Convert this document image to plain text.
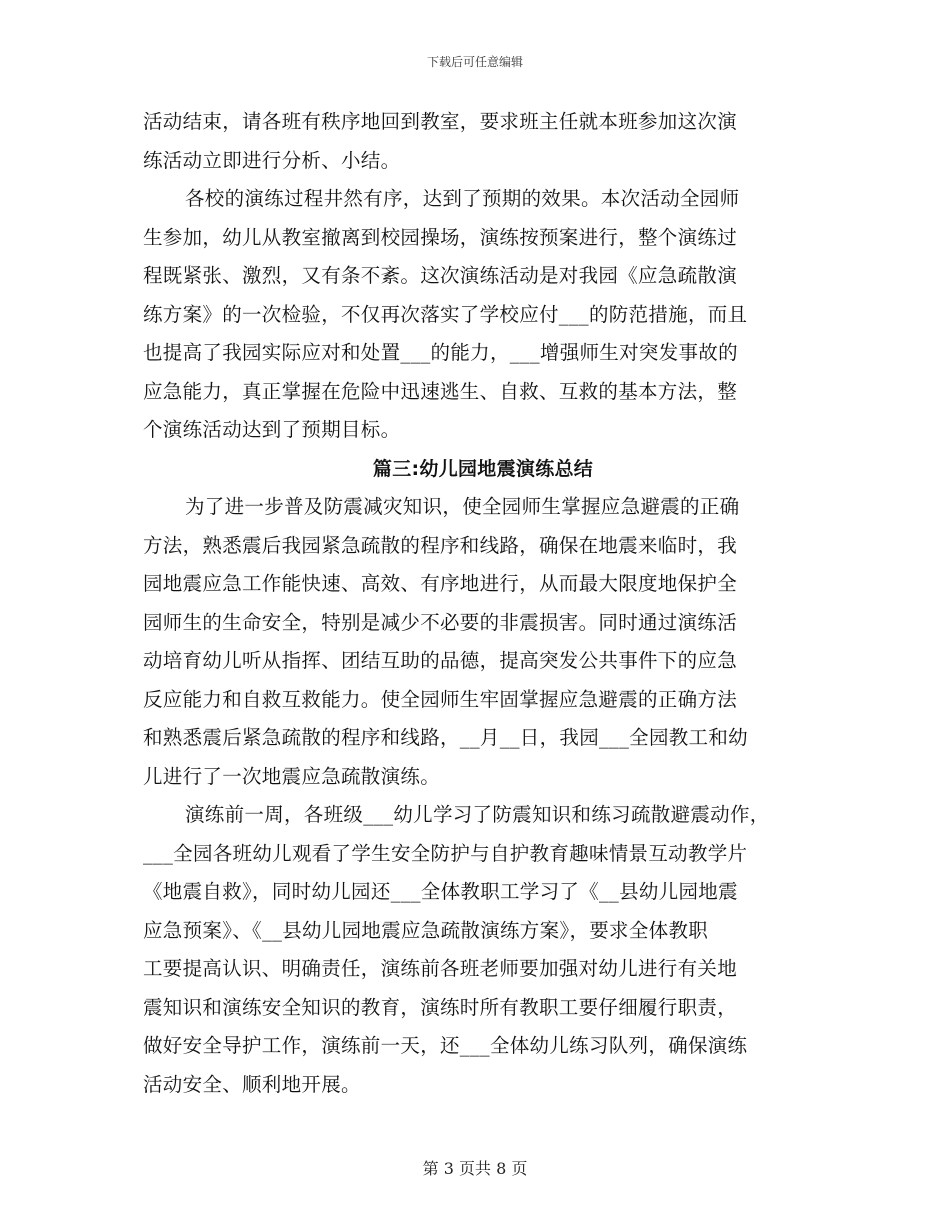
下载后可任意编辑
活动结束，请各班有秩序地回到教室，要求班主任就本班参加这次演
练活动立即进行分析、小结。
各校的演练过程井然有序，达到了预期的效果。本次活动全园师
生参加，幼儿从教室撤离到校园操场，演练按预案进行，整个演练过
程既紧张、激烈，又有条不紊。这次演练活动是对我园《应急疏散演
练方案》的一次检验，不仅再次落实了学校应付___的防范措施，而且
也提高了我园实际应对和处置___的能力，___增强师生对突发事故的
应急能力，真正掌握在危险中迅速逃生、自救、互救的基本方法，整
个演练活动达到了预期目标。
篇三:幼儿园地震演练总结
为了进一步普及防震减灾知识，使全园师生掌握应急避震的正确
方法，熟悉震后我园紧急疏散的程序和线路，确保在地震来临时，我
园地震应急工作能快速、高效、有序地进行，从而最大限度地保护全
园师生的生命安全，特别是减少不必要的非震损害。同时通过演练活
动培育幼儿听从指挥、团结互助的品德，提高突发公共事件下的应急
反应能力和自救互救能力。使全园师生牢固掌握应急避震的正确方法
和熟悉震后紧急疏散的程序和线路，__月__日，我园___全园教工和幼
儿进行了一次地震应急疏散演练。
演练前一周，各班级___幼儿学习了防震知识和练习疏散避震动作，
___全园各班幼儿观看了学生安全防护与自护教育趣味情景互动教学片
《地震自救》，同时幼儿园还___全体教职工学习了《__县幼儿园地震
应急预案》、《__县幼儿园地震应急疏散演练方案》，要求全体教职
工要提高认识、明确责任，演练前各班老师要加强对幼儿进行有关地
震知识和演练安全知识的教育，演练时所有教职工要仔细履行职责，
做好安全导护工作，演练前一天，还___全体幼儿练习队列，确保演练
活动安全、顺利地开展。
第 3 页共 8 页
